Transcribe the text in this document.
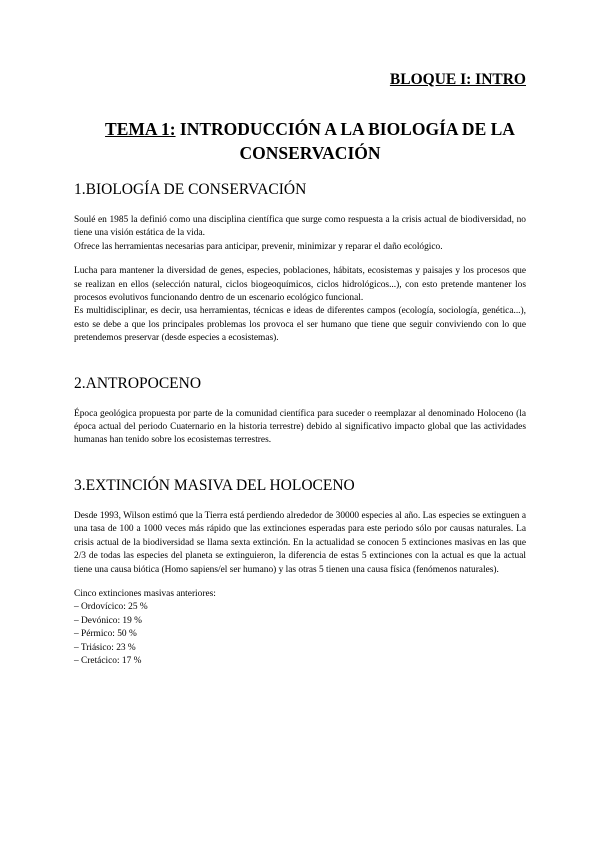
BLOQUE I: INTRO

TEMA 1: INTRODUCCIÓN A LA BIOLOGÍA DE LA CONSERVACIÓN
1.BIOLOGÍA DE CONSERVACIÓN

Soulé en 1985 la definió como una disciplina científica que surge como respuesta a la crisis actual de biodiversidad, no tiene una visión estática de la vida.

Ofrece las herramientas necesarias para anticipar, prevenir, minimizar y reparar el daño ecológico.

Lucha para mantener la diversidad de genes, especies, poblaciones, hábitats, ecosistemas y paisajes y los procesos que se realizan en ellos (selección natural, ciclos biogeoquímicos, ciclos hidrológicos...), con esto pretende mantener los procesos evolutivos funcionando dentro de un escenario ecológico funcional.

Es multidisciplinar, es decir, usa herramientas, técnicas e ideas de diferentes campos (ecología, sociología, genética...), esto se debe a que los principales problemas los provoca el ser humano que tiene que seguir conviviendo con lo que pretendemos preservar (desde especies a ecosistemas).

2.ANTROPOCENO

Época geológica propuesta por parte de la comunidad científica para suceder o reemplazar al denominado Holoceno (la época actual del periodo Cuaternario en la historia terrestre) debido al significativo impacto global que las actividades humanas han tenido sobre los ecosistemas terrestres.

3.EXTINCIÓN MASIVA DEL HOLOCENO

Desde 1993, Wilson estimó que la Tierra está perdiendo alrededor de 30000 especies al año. Las especies se extinguen a una tasa de 100 a 1000 veces más rápido que las extinciones esperadas para este periodo sólo por causas naturales. La crisis actual de la biodiversidad se llama sexta extinción. En la actualidad se conocen 5 extinciones masivas en las que 2/3 de todas las especies del planeta se extinguieron, la diferencia de estas 5 extinciones con la actual es que la actual tiene una causa biótica (Homo sapiens/el ser humano) y las otras 5 tienen una causa física (fenómenos naturales).

Cinco extinciones masivas anteriores:

– Ordovícico: 25 %
– Devónico: 19 %
– Pérmico: 50 %
– Triásico: 23 %
– Cretácico: 17 %
